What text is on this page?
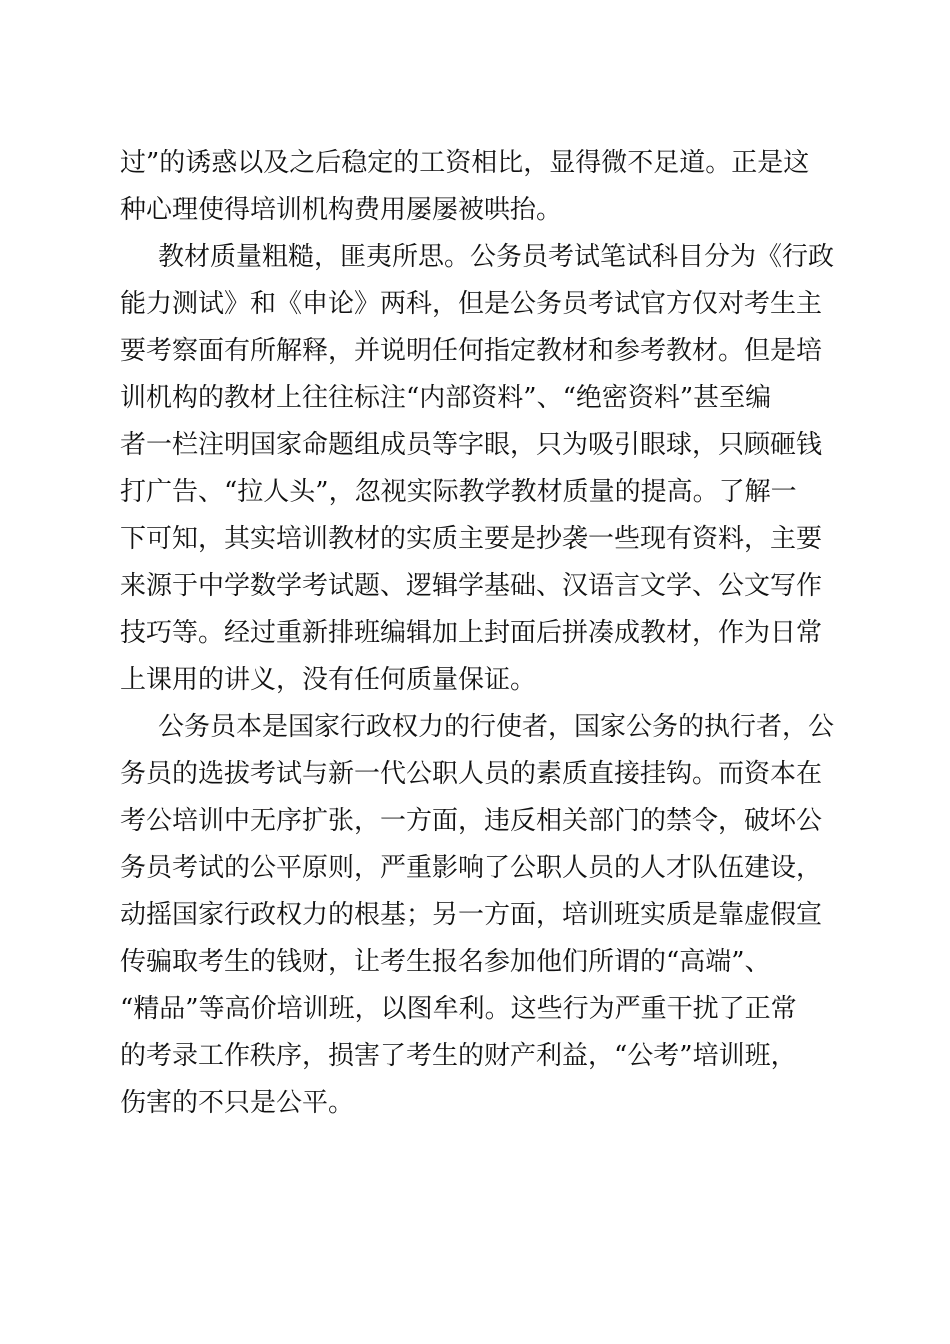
过”的诱惑以及之后稳定的工资相比，显得微不足道。正是这
种心理使得培训机构费用屡屡被哄抬。
教材质量粗糙，匪夷所思。公务员考试笔试科目分为《行政
能力测试》和《申论》两科，但是公务员考试官方仅对考生主
要考察面有所解释，并说明任何指定教材和参考教材。但是培
训机构的教材上往往标注“内部资料”、“绝密资料”甚至编
者一栏注明国家命题组成员等字眼，只为吸引眼球，只顾砸钱
打广告、“拉人头”，忽视实际教学教材质量的提高。了解一
下可知，其实培训教材的实质主要是抄袭一些现有资料，主要
来源于中学数学考试题、逻辑学基础、汉语言文学、公文写作
技巧等。经过重新排班编辑加上封面后拼凑成教材，作为日常
上课用的讲义，没有任何质量保证。
公务员本是国家行政权力的行使者，国家公务的执行者，公
务员的选拔考试与新一代公职人员的素质直接挂钩。而资本在
考公培训中无序扩张，一方面，违反相关部门的禁令，破坏公
务员考试的公平原则，严重影响了公职人员的人才队伍建设，
动摇国家行政权力的根基；另一方面，培训班实质是靠虚假宣
传骗取考生的钱财，让考生报名参加他们所谓的“高端”、
“精品”等高价培训班，以图牟利。这些行为严重干扰了正常
的考录工作秩序，损害了考生的财产利益，“公考”培训班，
伤害的不只是公平。
